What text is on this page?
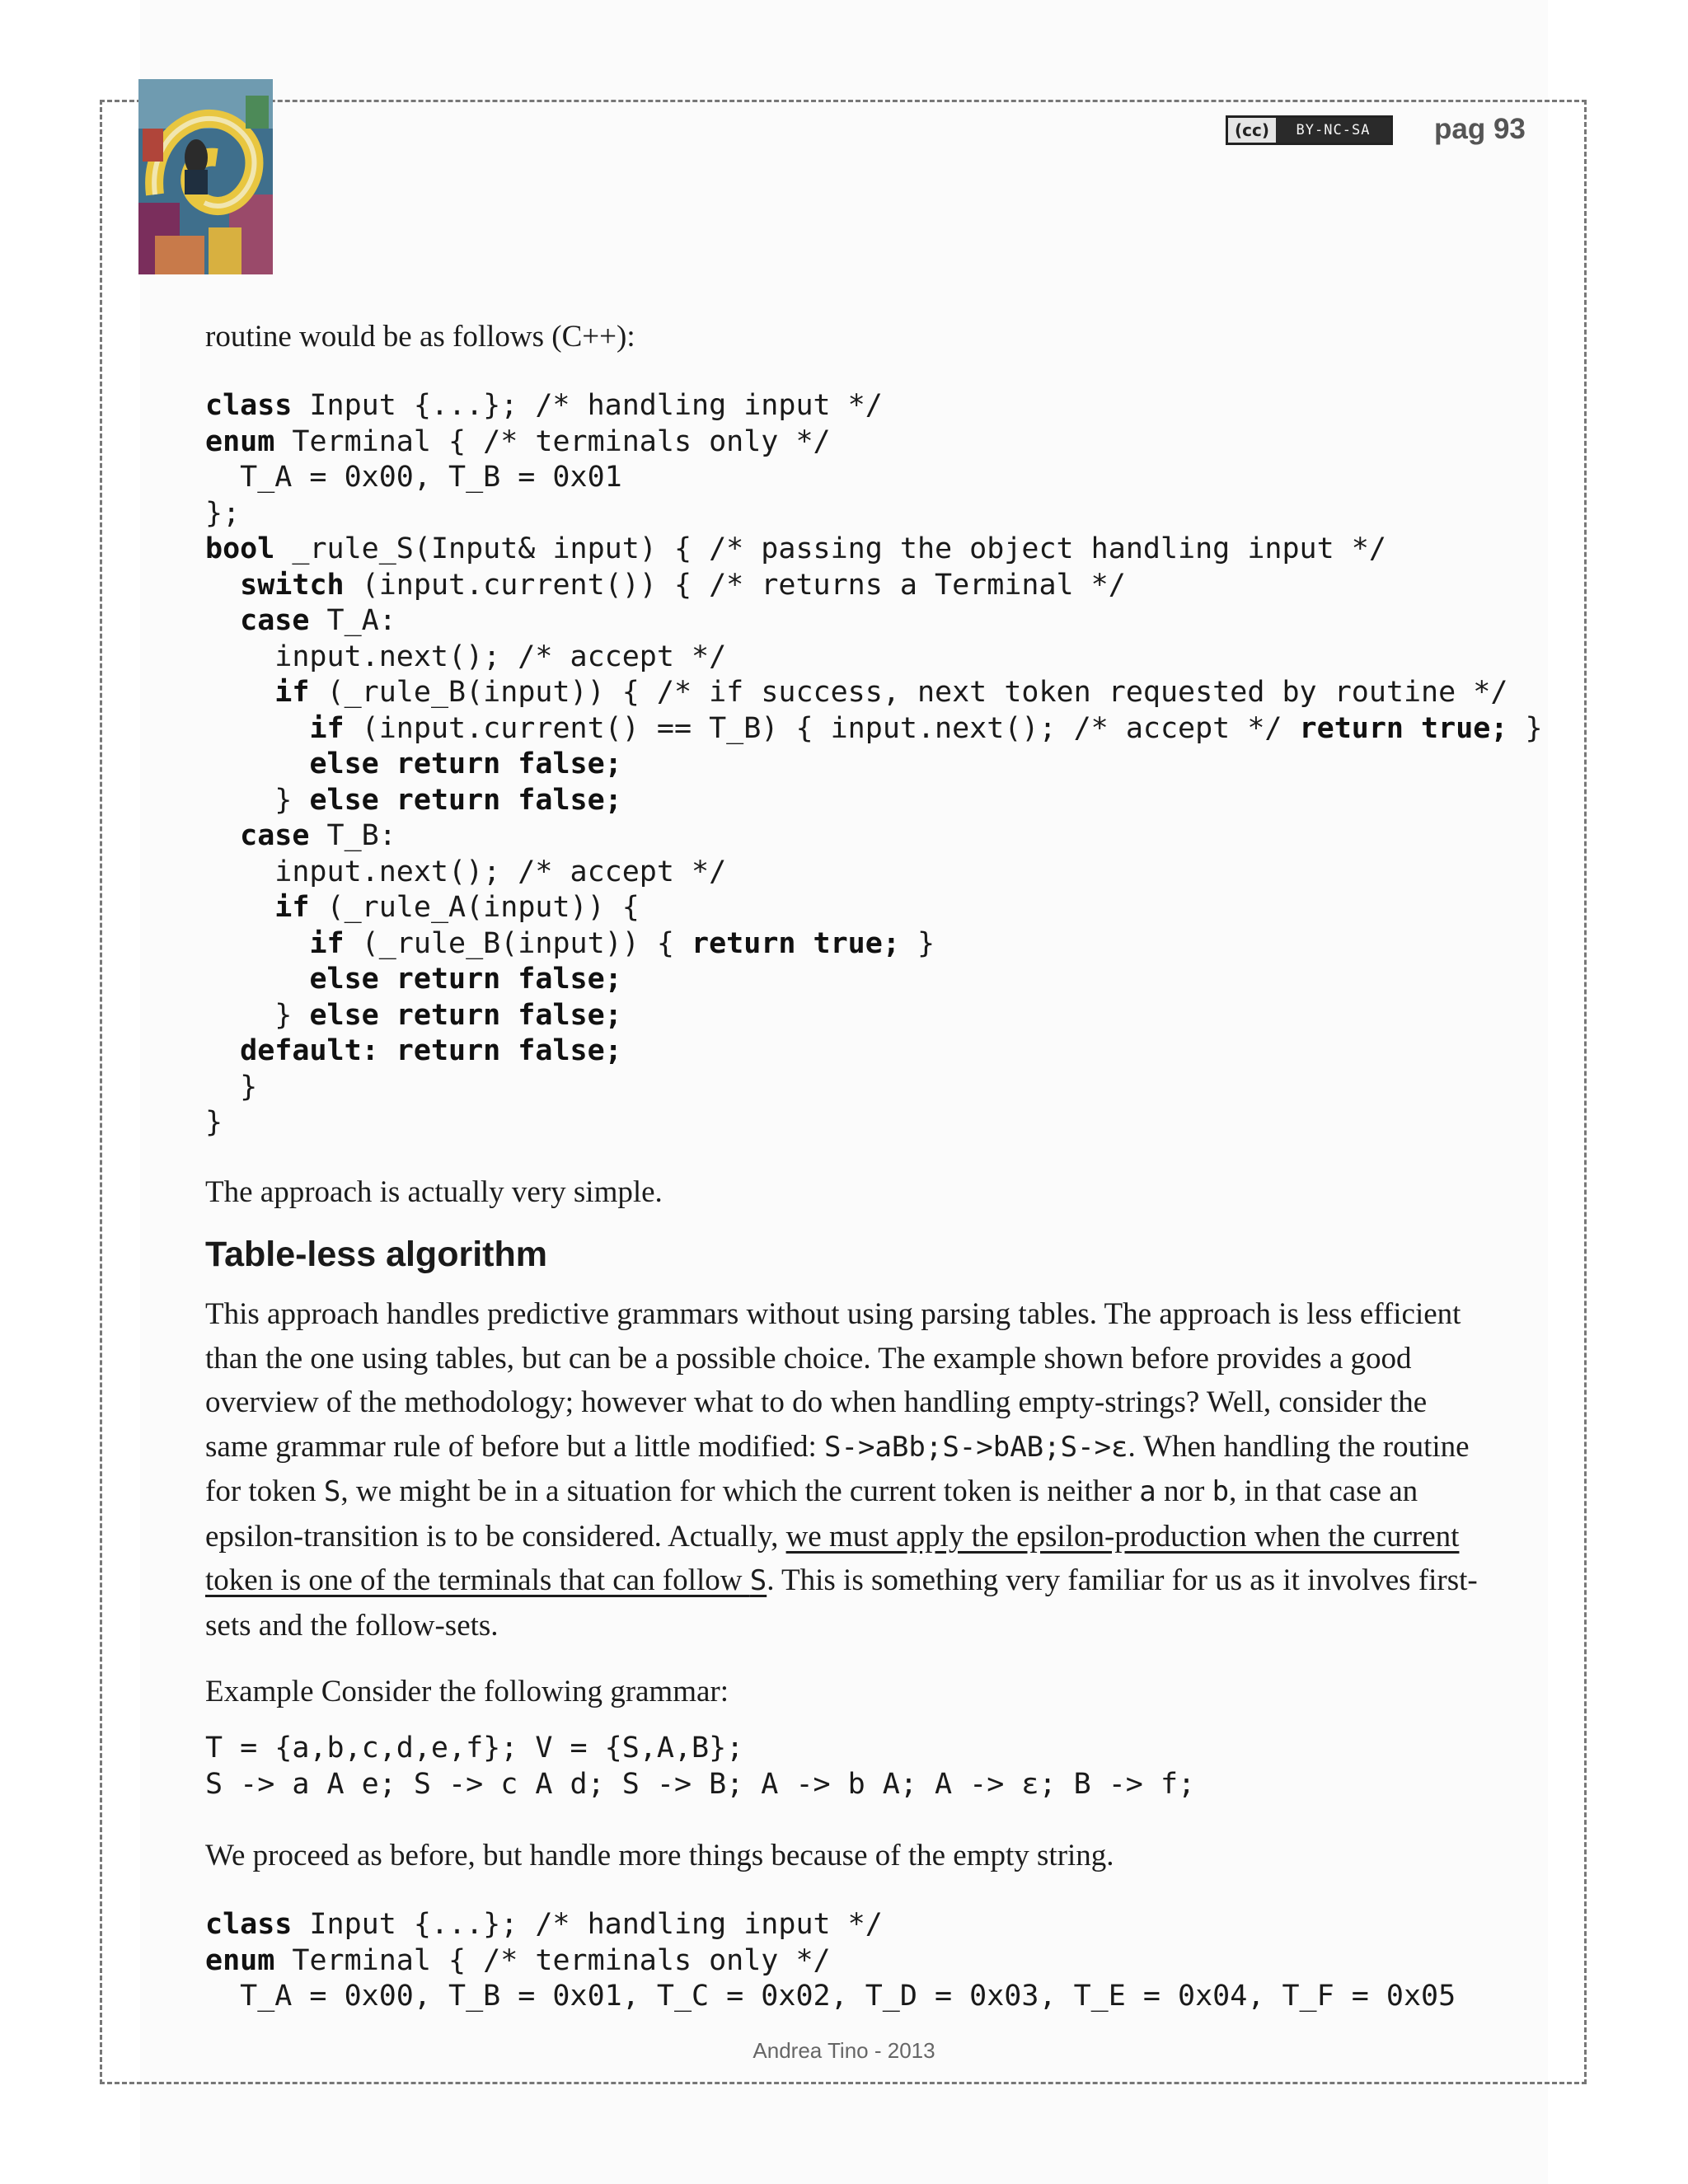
(cc)	BY-NC-SA	pag 93

routine would be as follows (C++):

class Input {...}; /* handling input */
enum Terminal { /* terminals only */
T_A = 0x00, T_B = 0x01
};
bool _rule_S(Input& input) { /* passing the object handling input */
switch (input.current()) { /* returns a Terminal */
case T_A:
input.next(); /* accept */
if (_rule_B(input)) { /* if success, next token requested by routine */
if (input.current() == T_B) { input.next(); /* accept */ return true; }
else return false;
} else return false;
case T_B:
input.next(); /* accept */
if (_rule_A(input)) {
if (_rule_B(input)) { return true; }
else return false;
} else return false;
default: return false;
}
}

The approach is actually very simple.

Table-less algorithm

This approach handles predictive grammars without using parsing tables. The approach is less efficient than the one using tables, but can be a possible choice. The example shown before provides a good overview of the methodology; however what to do when handling empty-strings? Well, consider the same grammar rule of before but a little modified: S->aBb;S->bAB;S->ε. When handling the routine for token S, we might be in a situation for which the current token is neither a nor b, in that case an epsilon-transition is to be considered. Actually, we must apply the epsilon-production when the current token is one of the terminals that can follow S. This is something very familiar for us as it involves first-sets and the follow-sets.

Example Consider the following grammar:

T = {a,b,c,d,e,f}; V = {S,A,B};
S -> a A e; S -> c A d; S -> B; A -> b A; A -> ε; B -> f;

We proceed as before, but handle more things because of the empty string.

class Input {...}; /* handling input */
enum Terminal { /* terminals only */
T_A = 0x00, T_B = 0x01, T_C = 0x02, T_D = 0x03, T_E = 0x04, T_F = 0x05
Andrea Tino - 2013
